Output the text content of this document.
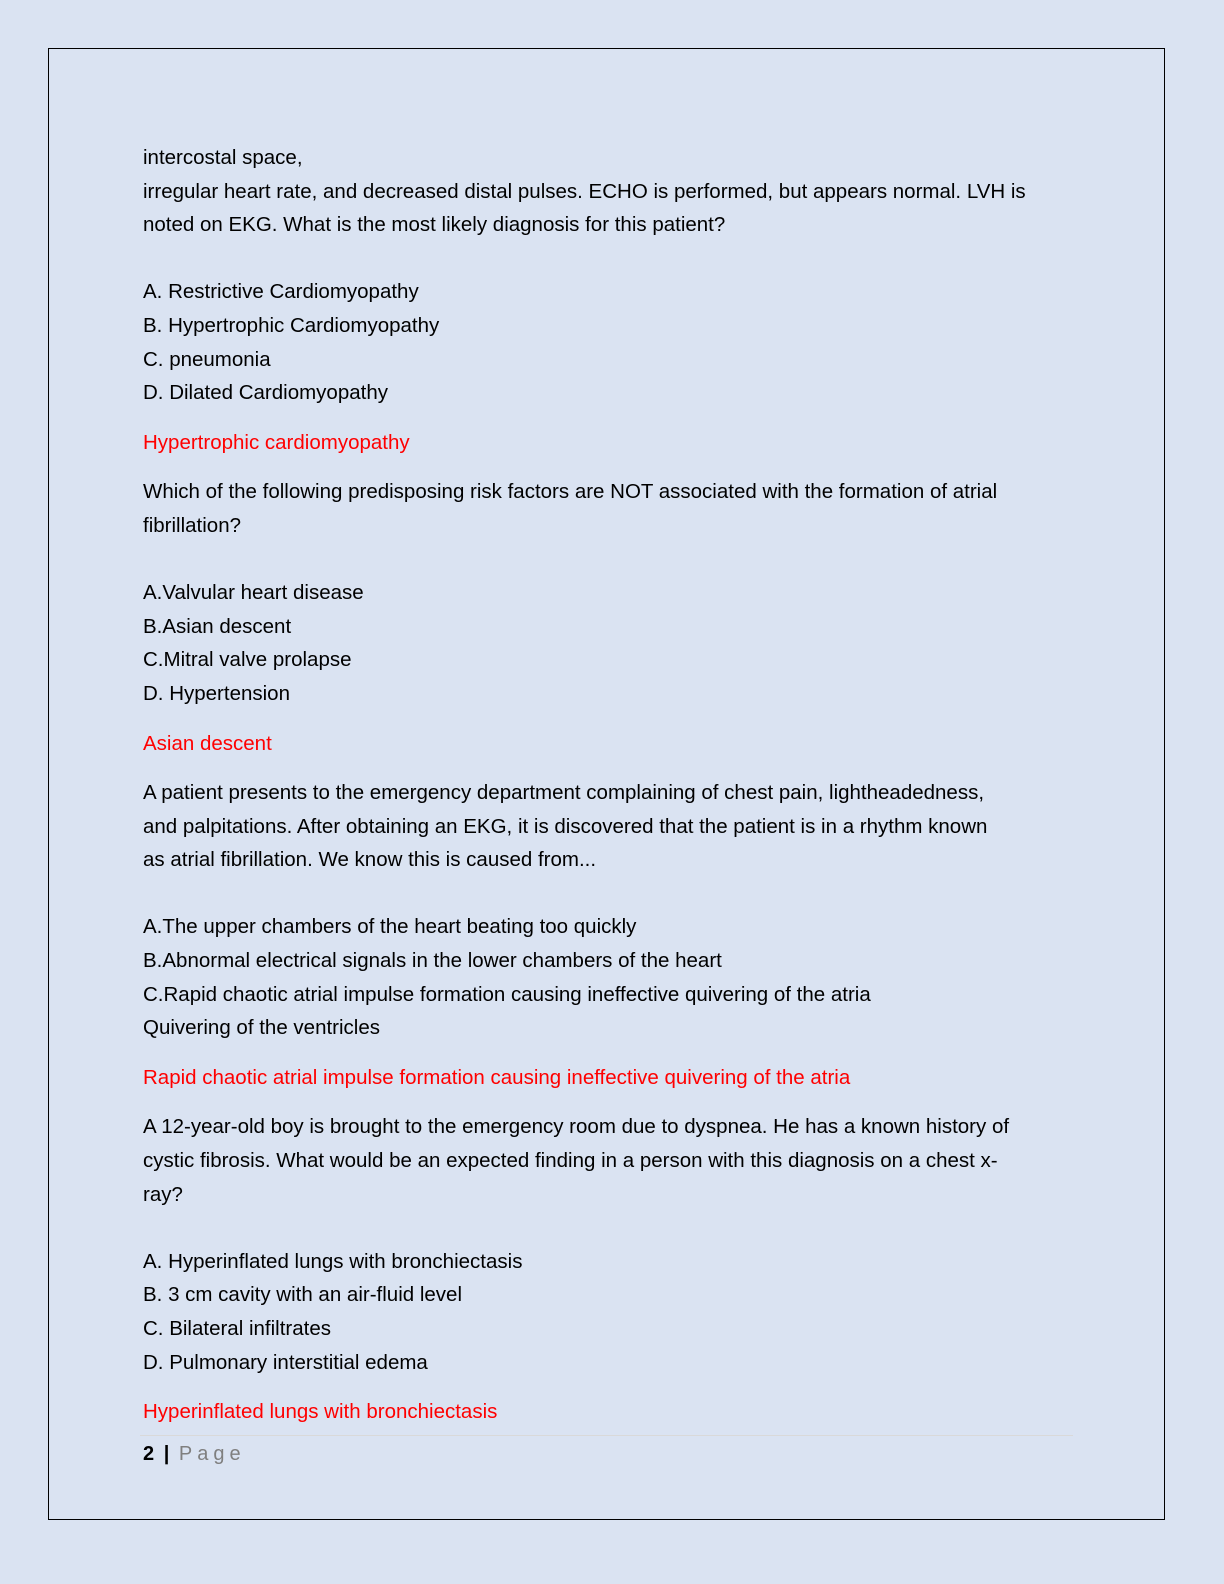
intercostal space,
irregular heart rate, and decreased distal pulses. ECHO is performed, but appears normal. LVH is
noted on EKG. What is the most likely diagnosis for this patient?
A. Restrictive Cardiomyopathy
B. Hypertrophic Cardiomyopathy
C. pneumonia
D. Dilated Cardiomyopathy
Hypertrophic cardiomyopathy
Which of the following predisposing risk factors are NOT associated with the formation of atrial
fibrillation?
A.Valvular heart disease
B.Asian descent
C.Mitral valve prolapse
D. Hypertension
Asian descent
A patient presents to the emergency department complaining of chest pain, lightheadedness,
and palpitations. After obtaining an EKG, it is discovered that the patient is in a rhythm known
as atrial fibrillation. We know this is caused from...
A.The upper chambers of the heart beating too quickly
B.Abnormal electrical signals in the lower chambers of the heart
C.Rapid chaotic atrial impulse formation causing ineffective quivering of the atria
Quivering of the ventricles
Rapid chaotic atrial impulse formation causing ineffective quivering of the atria
A 12-year-old boy is brought to the emergency room due to dyspnea. He has a known history of
cystic fibrosis. What would be an expected finding in a person with this diagnosis on a chest x-
ray?
A. Hyperinflated lungs with bronchiectasis
B. 3 cm cavity with an air-fluid level
C. Bilateral infiltrates
D. Pulmonary interstitial edema
Hyperinflated lungs with bronchiectasis
2 | Page
